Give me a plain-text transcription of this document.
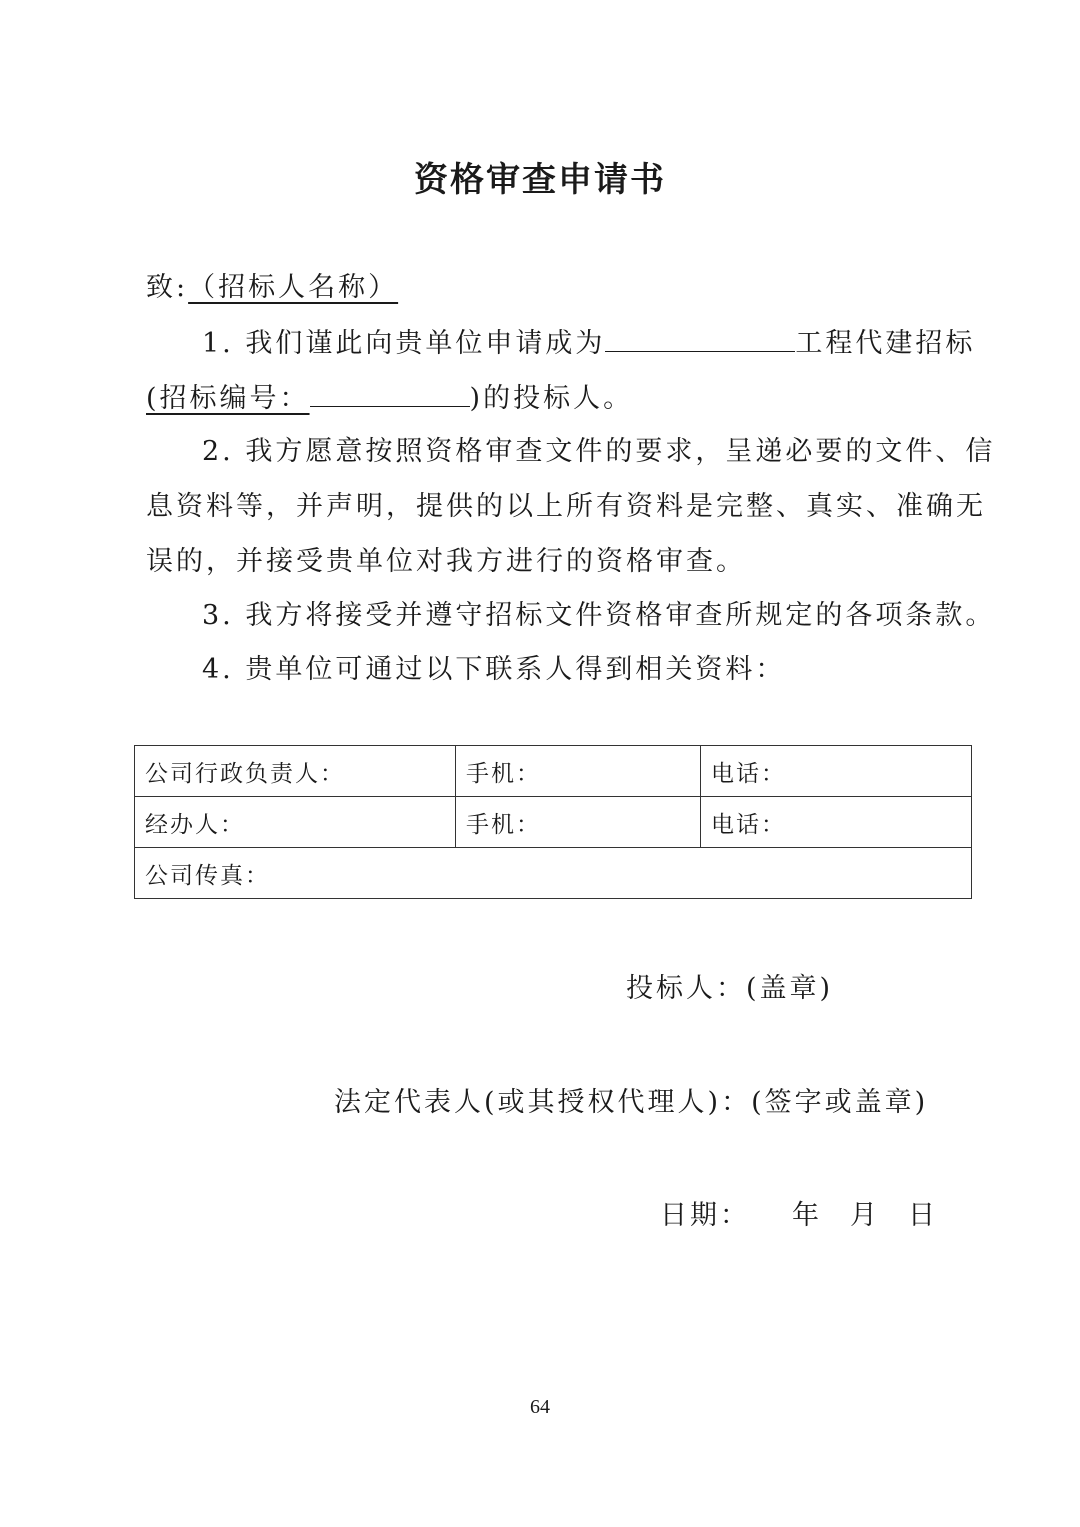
资格审查申请书
致:（招标人名称）
1. 我们谨此向贵单位申请成为	工程代建招标
(招标编号：	)的投标人。
2. 我方愿意按照资格审查文件的要求，呈递必要的文件、信
息资料等，并声明，提供的以上所有资料是完整、真实、准确无
误的，并接受贵单位对我方进行的资格审查。
3. 我方将接受并遵守招标文件资格审查所规定的各项条款。
4. 贵单位可通过以下联系人得到相关资料：
公司行政负责人：	手机：	电话：
经办人：	手机：	电话：
公司传真：		
投标人：(盖章)
法定代表人(或其授权代理人)：(签字或盖章)
日期： 年 月 日
64
